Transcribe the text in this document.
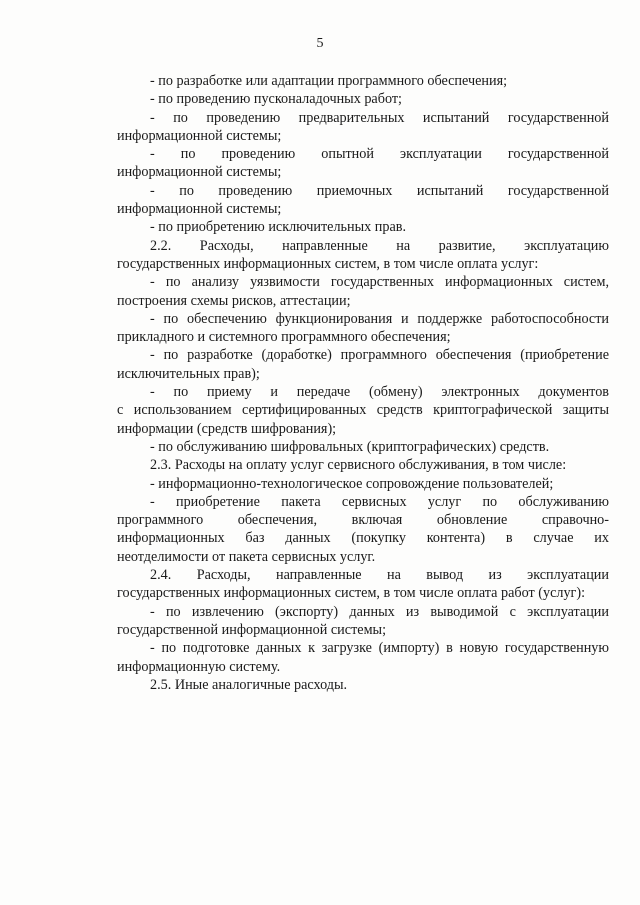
5
- по разработке или адаптации программного обеспечения;
- по проведению пусконаладочных работ;
- по проведению предварительных испытаний государственной
информационной системы;
- по проведению опытной эксплуатации государственной
информационной системы;
- по проведению приемочных испытаний государственной
информационной системы;
- по приобретению исключительных прав.
2.2. Расходы, направленные на развитие, эксплуатацию
государственных информационных систем, в том числе оплата услуг:
- по анализу уязвимости государственных информационных систем,
построения схемы рисков, аттестации;
- по обеспечению функционирования и поддержке работоспособности
прикладного и системного программного обеспечения;
- по разработке (доработке) программного обеспечения (приобретение
исключительных прав);
- по приему и передаче (обмену) электронных документов
с использованием сертифицированных средств криптографической защиты
информации (средств шифрования);
- по обслуживанию шифровальных (криптографических) средств.
2.3. Расходы на оплату услуг сервисного обслуживания, в том числе:
- информационно-технологическое сопровождение пользователей;
- приобретение пакета сервисных услуг по обслуживанию
программного обеспечения, включая обновление справочно-
информационных баз данных (покупку контента) в случае их
неотделимости от пакета сервисных услуг.
2.4. Расходы, направленные на вывод из эксплуатации
государственных информационных систем, в том числе оплата работ (услуг):
- по извлечению (экспорту) данных из выводимой с эксплуатации
государственной информационной системы;
- по подготовке данных к загрузке (импорту) в новую государственную
информационную систему.
2.5. Иные аналогичные расходы.
